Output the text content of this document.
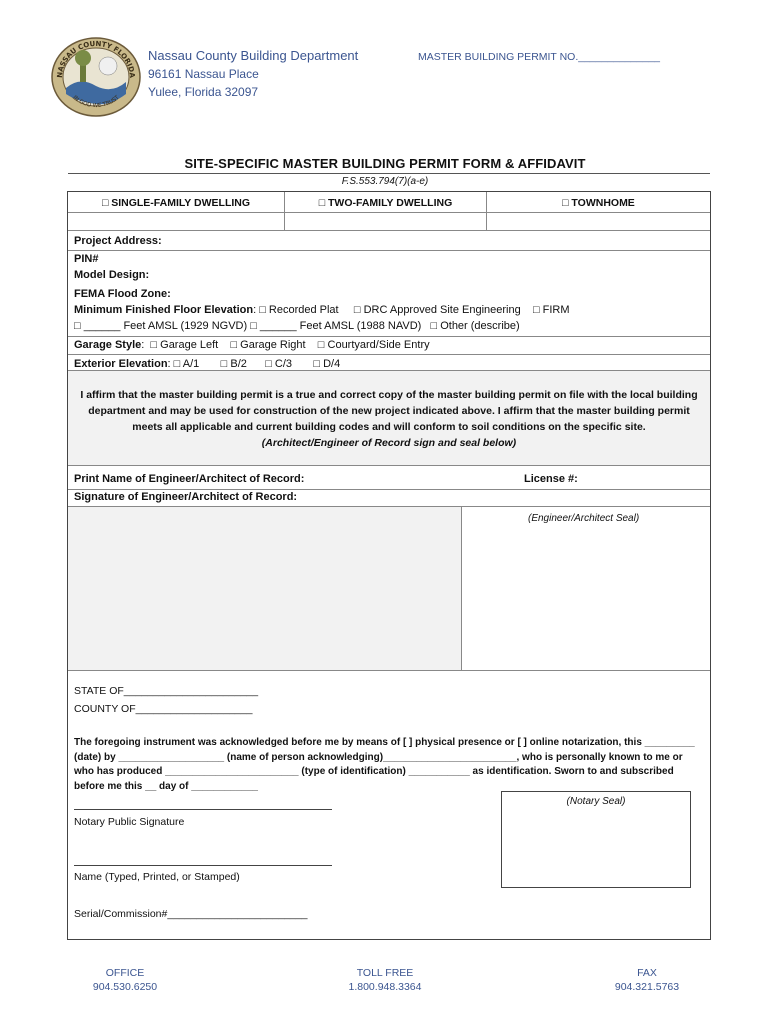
NASSAU COUNTY FLORIDA
IN GOD WE TRUST
Nassau County Building Department
96161 Nassau Place
Yulee, Florida 32097
MASTER BUILDING PERMIT NO.______________
SITE-SPECIFIC MASTER BUILDING PERMIT FORM & AFFIDAVIT
F.S.553.794(7)(a-e)
□ SINGLE-FAMILY DWELLING	□ TWO-FAMILY DWELLING	□ TOWNHOME
Project Address:
PIN#
Model Design:
FEMA Flood Zone:
Minimum Finished Floor Elevation: □ Recorded Plat     □ DRC Approved Site Engineering    □ FIRM
□ ______ Feet AMSL (1929 NGVD) □ ______ Feet AMSL (1988 NAVD)   □ Other (describe)
Garage Style:  □ Garage Left    □ Garage Right    □ Courtyard/Side Entry
Exterior Elevation: □ A/1       □ B/2      □ C/3       □ D/4

I affirm that the master building permit is a true and correct copy of the master building permit on file with the local building department and may be used for construction of the new project indicated above. I affirm that the master building permit meets all applicable and current building codes and will conform to soil conditions on the specific site.
(Architect/Engineer of Record sign and seal below)

Print Name of Engineer/Architect of Record:	License #:
Signature of Engineer/Architect of Record:
(Engineer/Architect Seal)
STATE OF_______________________
COUNTY OF____________________
The foregoing instrument was acknowledged before me by means of [ ] physical presence or [ ] online notarization, this _________ (date) by ___________________ (name of person acknowledging)________________________, who is personally known to me or who has produced ________________________ (type of identification) ___________ as identification. Sworn to and subscribed before me this __ day of ____________
(Notary Seal)
Notary Public Signature
Name (Typed, Printed, or Stamped)
Serial/Commission#________________________
OFFICE
904.530.6250
TOLL FREE
1.800.948.3364
FAX
904.321.5763
